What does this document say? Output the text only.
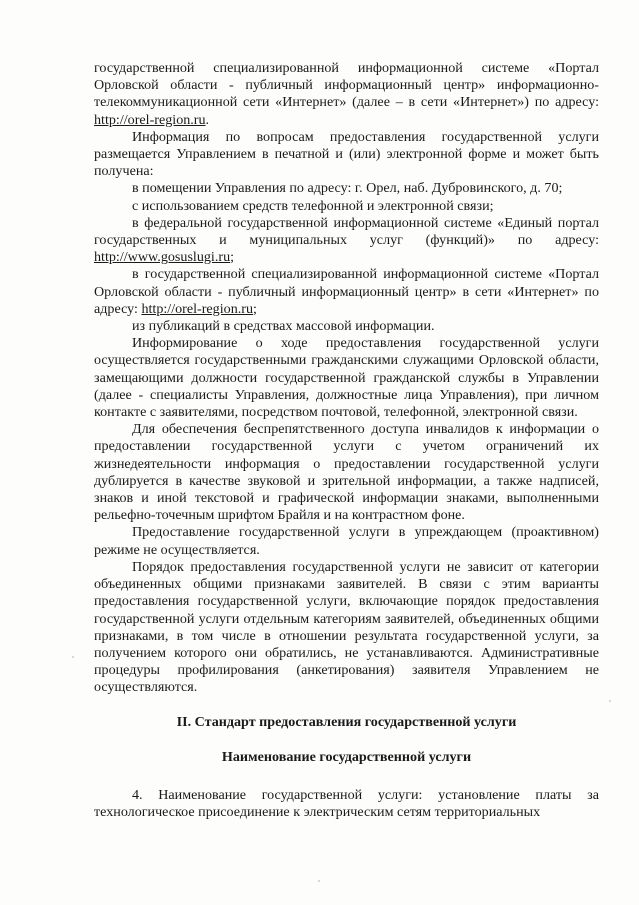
государственной специализированной информационной системе «Портал Орловской области - публичный информационный центр» информационно-телекоммуникационной сети «Интернет» (далее – в сети «Интернет») по адресу: http://orel-region.ru.

Информация по вопросам предоставления государственной услуги размещается Управлением в печатной и (или) электронной форме и может быть получена:

в помещении Управления по адресу: г. Орел, наб. Дубровинского, д. 70;

с использованием средств телефонной и электронной связи;

в федеральной государственной информационной системе «Единый портал государственных и муниципальных услуг (функций)» по адресу: http://www.gosuslugi.ru;

в государственной специализированной информационной системе «Портал Орловской области - публичный информационный центр» в сети «Интернет» по адресу: http://orel-region.ru;

из публикаций в средствах массовой информации.

Информирование о ходе предоставления государственной услуги осуществляется государственными гражданскими служащими Орловской области, замещающими должности государственной гражданской службы в Управлении (далее - специалисты Управления, должностные лица Управления), при личном контакте с заявителями, посредством почтовой, телефонной, электронной связи.

Для обеспечения беспрепятственного доступа инвалидов к информации о предоставлении государственной услуги с учетом ограничений их жизнедеятельности информация о предоставлении государственной услуги дублируется в качестве звуковой и зрительной информации, а также надписей, знаков и иной текстовой и графической информации знаками, выполненными рельефно-точечным шрифтом Брайля и на контрастном фоне.

Предоставление государственной услуги в упреждающем (проактивном) режиме не осуществляется.

Порядок предоставления государственной услуги не зависит от категории объединенных общими признаками заявителей. В связи с этим варианты предоставления государственной услуги, включающие порядок предоставления государственной услуги отдельным категориям заявителей, объединенных общими признаками, в том числе в отношении результата государственной услуги, за получением которого они обратились, не устанавливаются. Административные процедуры профилирования (анкетирования) заявителя Управлением не осуществляются.

II. Стандарт предоставления государственной услуги

Наименование государственной услуги

4. Наименование государственной услуги: установление платы за технологическое присоединение к электрическим сетям территориальных
